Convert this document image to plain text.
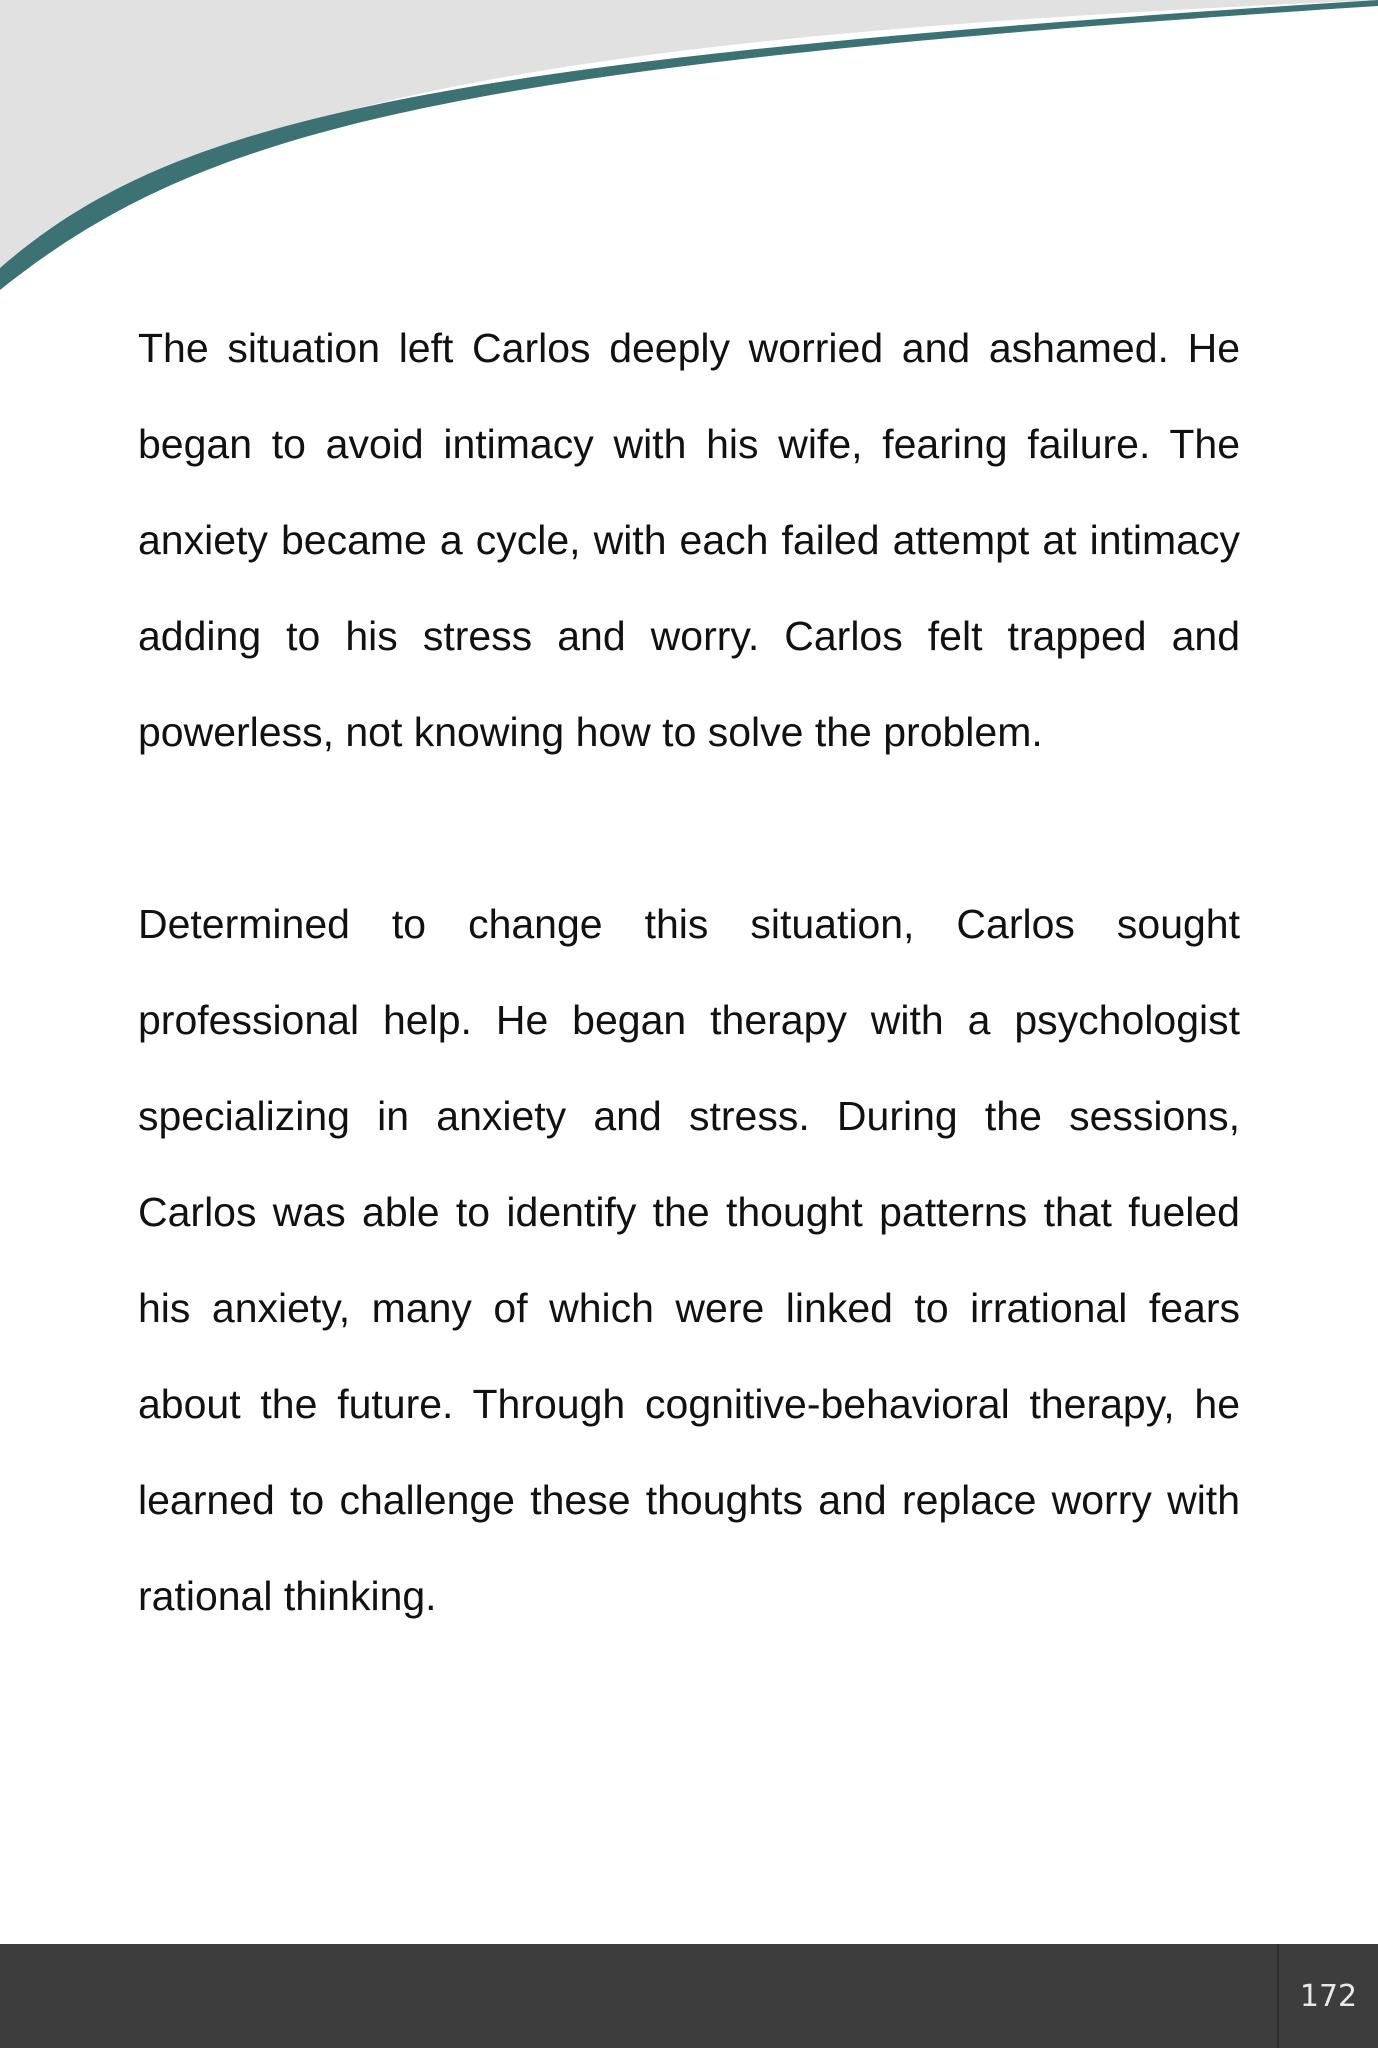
The situation left Carlos deeply worried and ashamed. He began to avoid intimacy with his wife, fearing failure. The anxiety became a cycle, with each failed attempt at intimacy adding to his stress and worry. Carlos felt trapped and powerless, not knowing how to solve the problem.

Determined to change this situation, Carlos sought professional help. He began therapy with a psychologist specializing in anxiety and stress. During the sessions, Carlos was able to identify the thought patterns that fueled his anxiety, many of which were linked to irrational fears about the future. Through cognitive-behavioral therapy, he learned to challenge these thoughts and replace worry with rational thinking.

172
